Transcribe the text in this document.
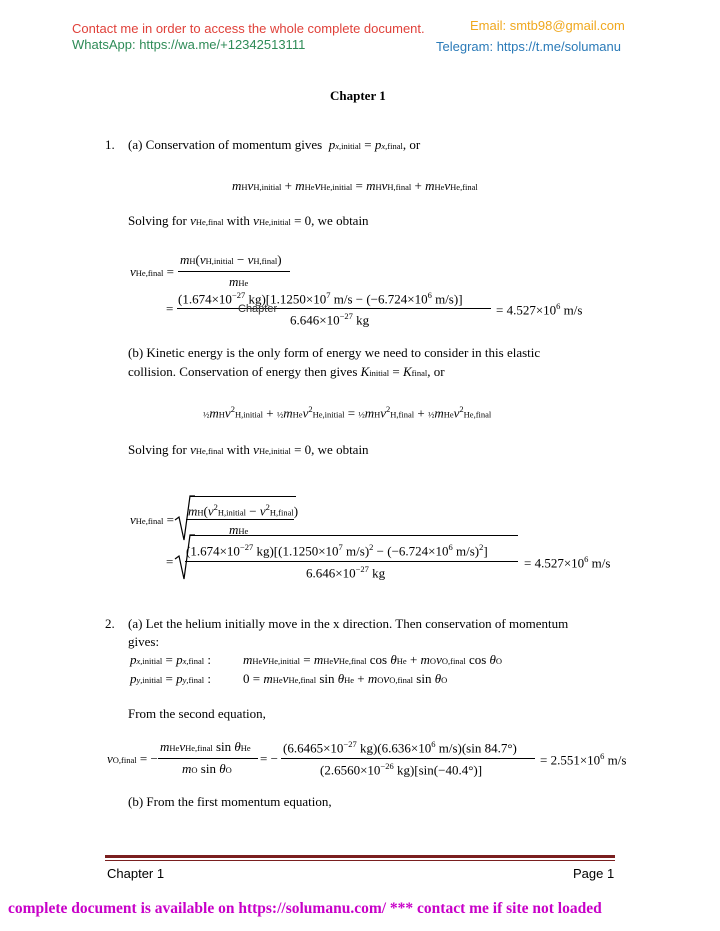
Contact me in order to access the whole complete document.
WhatsApp: https://wa.me/+12342513111
Email: smtb98@gmail.com
Telegram: https://t.me/solumanu
Chapter 1
1. (a) Conservation of momentum gives px,initial = px,final, or
mHvH,initial + mHevHe,initial = mHvH,final + mHevHe,final
Solving for vHe,final with vHe,initial = 0, we obtain
vHe,final =
mH(vH,initial − vH,final)
mHe
=
($1.674\times 10^{-27}$ $kg)[1.1250\times 10^7$ $m/s - (-6.724\times 10^6$ m/s)]
Chapter
$6.646\times 10^{-27}$ kg
= $4.527\times 10^6$ m/s
(b) Kinetic energy is the only form of energy we need to consider in this elastic
collision. Conservation of energy then gives Kinitial = Kfinal, or
½mHv$^2$H,initial + ½mHev$^2$He,initial = ½mHv$^2$H,final + ½mHev$^2$He,final
Solving for vHe,final with vHe,initial = 0, we obtain
vHe,final =
$mH(v^2H,initial$ − $v^2H,final$)
mHe
=
($1.674\times 10^{-27}$ $kg)[(1.1250\times 10^7$ $m/s)^2 - (-6.724\times 10^6$ m/s)$^2$]
$6.646\times 10^{-27}$ kg
= $4.527\times 10^6$ m/s
2. (a) Let the helium initially move in the x direction. Then conservation of momentum
gives:
px,initial = px,final : mHevHe,initial = mHevHe,final cos θHe + mOvO,final cos θO
py,initial = py,final : 0 = mHevHe,final sin θHe + mOvO,final sin θO
From the second equation,
vO,final = −
mHevHe,final sin θHe
mO sin θO
= −
($6.6465\times 10^{-27}$ $kg)(6.636\times 10^6$ m/s)(sin 84.7°)
($2.6560\times 10^{-26}$ kg)[sin(−40.4°)]
= $2.551\times 10^6$ m/s
(b) From the first momentum equation,
Chapter 1	Page 1
complete document is available on https://solumanu.com/ *** contact me if site not loaded
